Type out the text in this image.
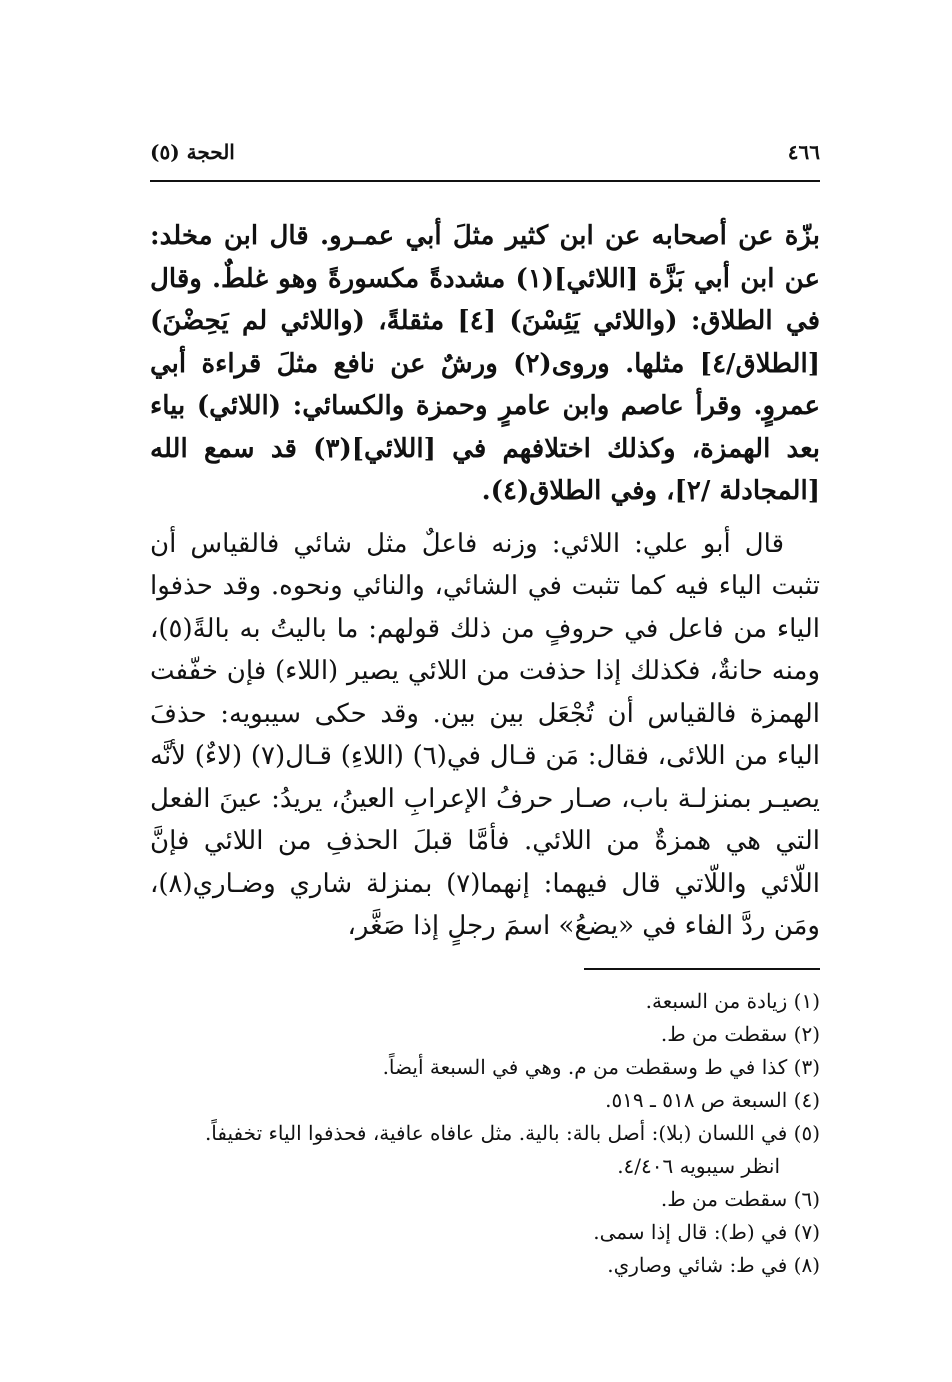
٤٦٦
الحجة (٥)

بزّة عن أصحابه عن ابن كثير مثلَ أبي عمـرو. قال ابن مخلد: عن ابن أبي بَزَّة [اللائي](١) مشددةً مكسورةً وهو غلطٌ. وقال في الطلاق: (واللائي يَئِسْنَ) [٤] مثقلةً، (واللائي لم يَحِضْنَ) [الطلاق/٤] مثلها. وروى(٢) ورشٌ عن نافع مثلَ قراءة أبي عمروٍ. وقرأ عاصم وابن عامرٍ وحمزة والكسائي: (اللائي) بياء بعد الهمزة، وكذلك اختلافهم في [اللائي](٣) قد سمع الله [المجادلة /٢]، وفي الطلاق(٤).

قال أبو علي: اللائي: وزنه فاعلٌ مثل شائي فالقياس أن تثبت الياء فيه كما تثبت في الشائي، والنائي ونحوه. وقد حذفوا الياء من فاعل في حروفٍ من ذلك قولهم: ما باليتُ به بالةً(٥)، ومنه حانةٌ، فكذلك إذا حذفت من اللائي يصير (اللاء) فإن خفّفت الهمزة فالقياس أن تُجْعَل بين بين. وقد حكى سيبويه: حذفَ الياء من اللائى، فقال: مَن قـال في(٦) (اللاءِ) قـال(٧) (لاءٌ) لأنَّه يصيـر بمنزلـة باب، صـار حرفُ الإعرابِ العينُ، يريدُ: عينَ الفعل التي هي همزةٌ من اللائي. فأمَّا قبلَ الحذفِ من اللائي فإنَّ اللّائي واللّاتي قال فيهما: إنهما(٧) بمنزلة شاري وضـاري(٨)، ومَن ردَّ الفاء في «يضعُ» اسمَ رجلٍ إذا صَغَّر،

(١) زيادة من السبعة.
(٢) سقطت من ط.
(٣) كذا في ط وسقطت من م. وهي في السبعة أيضاً.
(٤) السبعة ص ٥١٨ ـ ٥١٩.
(٥) في اللسان (بلا): أصل بالة: بالية. مثل عافاه عافية، فحذفوا الياء تخفيفاً.
انظر سيبويه ٤/٤٠٦.
(٦) سقطت من ط.
(٧) في (ط): قال إذا سمى.
(٨) في ط: شائي وصاري.
